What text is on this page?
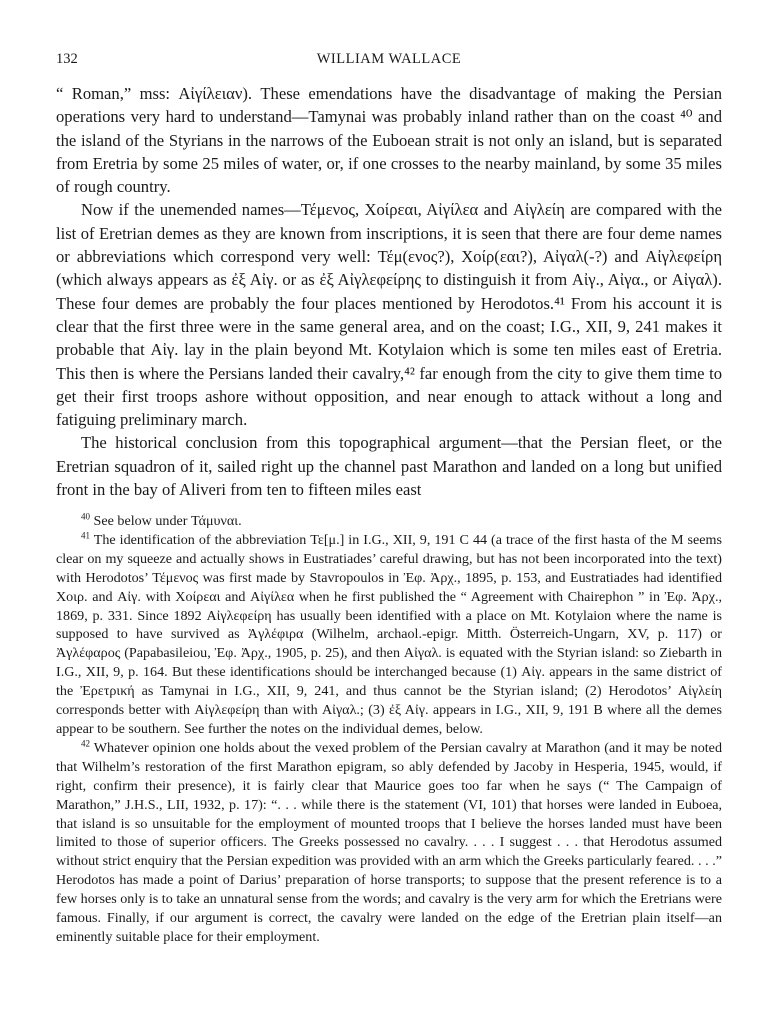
132	WILLIAM WALLACE

“ Roman,” mss: Αἰγίλειαν). These emendations have the disadvantage of making the Persian operations very hard to understand—Tamynai was probably inland rather than on the coast ⁴⁰ and the island of the Styrians in the narrows of the Euboean strait is not only an island, but is separated from Eretria by some 25 miles of water, or, if one crosses to the nearby mainland, by some 35 miles of rough country.

Now if the unemended names—Τέμενος, Χοίρεαι, Αἰγίλεα and Αἰγλείη are compared with the list of Eretrian demes as they are known from inscriptions, it is seen that there are four deme names or abbreviations which correspond very well: Τέμ(ενος?), Χοίρ(εαι?), Αἰγαλ(-?) and Αἰγλεφείρη (which always appears as ἐξ Αἰγ. or as ἐξ Αἰγλεφείρης to distinguish it from Αἰγ., Αἰγα., or Αἰγαλ). These four demes are probably the four places mentioned by Herodotos.⁴¹ From his account it is clear that the first three were in the same general area, and on the coast; I.G., XII, 9, 241 makes it probable that Αἰγ. lay in the plain beyond Mt. Kotylaion which is some ten miles east of Eretria. This then is where the Persians landed their cavalry,⁴² far enough from the city to give them time to get their first troops ashore without opposition, and near enough to attack without a long and fatiguing preliminary march.

The historical conclusion from this topographical argument—that the Persian fleet, or the Eretrian squadron of it, sailed right up the channel past Marathon and landed on a long but unified front in the bay of Aliveri from ten to fifteen miles east

$^{40}$ See below under Τάμυναι.

$^{41}$ The identification of the abbreviation Τε[μ.] in I.G., XII, 9, 191 C 44 (a trace of the first hasta of the M seems clear on my squeeze and actually shows in Eustratiades’ careful drawing, but has not been incorporated into the text) with Herodotos’ Τέμενος was first made by Stavropoulos in Ἐφ. Ἀρχ., 1895, p. 153, and Eustratiades had identified Χοιρ. and Αἰγ. with Χοίρεαι and Αἰγίλεα when he first published the “ Agreement with Chairephon ” in Ἐφ. Ἀρχ., 1869, p. 331. Since 1892 Αἰγλεφείρη has usually been identified with a place on Mt. Kotylaion where the name is supposed to have survived as Ἀγλέφιρα (Wilhelm, archaol.-epigr. Mitth. Österreich-Ungarn, XV, p. 117) or Ἀγλέφαρος (Papabasileiou, Ἐφ. Ἀρχ., 1905, p. 25), and then Αἰγαλ. is equated with the Styrian island: so Ziebarth in I.G., XII, 9, p. 164. But these identifications should be interchanged because (1) Αἰγ. appears in the same district of the Ἐρετρική as Tamynai in I.G., XII, 9, 241, and thus cannot be the Styrian island; (2) Herodotos’ Αἰγλείη corresponds better with Αἰγλεφείρη than with Αἰγαλ.; (3) ἐξ Αἰγ. appears in I.G., XII, 9, 191 B where all the demes appear to be southern. See further the notes on the individual demes, below.

$^{42}$ Whatever opinion one holds about the vexed problem of the Persian cavalry at Marathon (and it may be noted that Wilhelm’s restoration of the first Marathon epigram, so ably defended by Jacoby in Hesperia, 1945, would, if right, confirm their presence), it is fairly clear that Maurice goes too far when he says (“ The Campaign of Marathon,” J.H.S., LII, 1932, p. 17): “. . . while there is the statement (VI, 101) that horses were landed in Euboea, that island is so unsuitable for the employment of mounted troops that I believe the horses landed must have been limited to those of superior officers. The Greeks possessed no cavalry. . . . I suggest . . . that Herodotus assumed without strict enquiry that the Persian expedition was provided with an arm which the Greeks particularly feared. . . .” Herodotos has made a point of Darius’ preparation of horse transports; to suppose that the present reference is to a few horses only is to take an unnatural sense from the words; and cavalry is the very arm for which the Eretrians were famous. Finally, if our argument is correct, the cavalry were landed on the edge of the Eretrian plain itself—an eminently suitable place for their employment.
